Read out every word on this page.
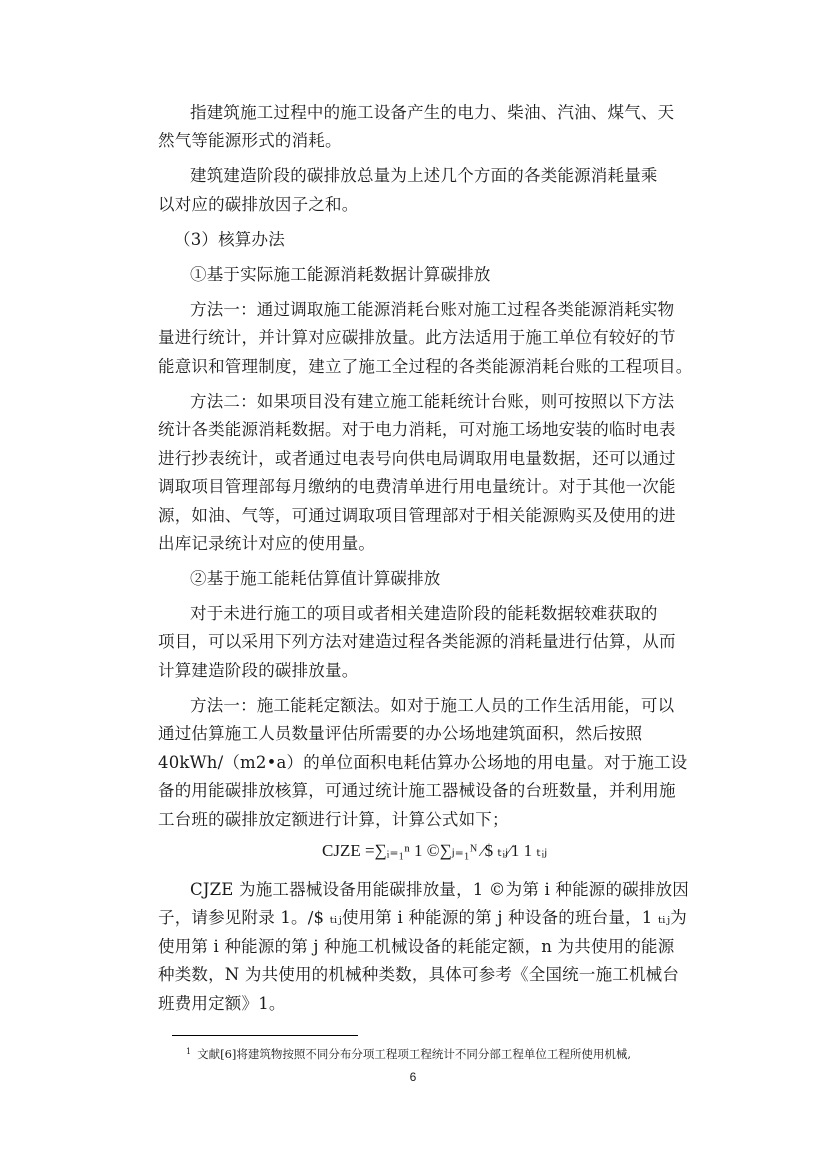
指建筑施工过程中的施工设备产生的电力、柴油、汽油、煤气、天
然气等能源形式的消耗。
建筑建造阶段的碳排放总量为上述几个方面的各类能源消耗量乘
以对应的碳排放因子之和。
（3）核算办法
①基于实际施工能源消耗数据计算碳排放
方法一：通过调取施工能源消耗台账对施工过程各类能源消耗实物
量进行统计，并计算对应碳排放量。此方法适用于施工单位有较好的节
能意识和管理制度，建立了施工全过程的各类能源消耗台账的工程项目。
方法二：如果项目没有建立施工能耗统计台账，则可按照以下方法
统计各类能源消耗数据。对于电力消耗，可对施工场地安装的临时电表
进行抄表统计，或者通过电表号向供电局调取用电量数据，还可以通过
调取项目管理部每月缴纳的电费清单进行用电量统计。对于其他一次能
源，如油、气等，可通过调取项目管理部对于相关能源购买及使用的进
出库记录统计对应的使用量。
②基于施工能耗估算值计算碳排放
对于未进行施工的项目或者相关建造阶段的能耗数据较难获取的
项目，可以采用下列方法对建造过程各类能源的消耗量进行估算，从而
计算建造阶段的碳排放量。
方法一：施工能耗定额法。如对于施工人员的工作生活用能，可以
通过估算施工人员数量评估所需要的办公场地建筑面积，然后按照
40kWh/（m2•a）的单位面积电耗估算办公场地的用电量。对于施工设
备的用能碳排放核算，可通过统计施工器械设备的台班数量，并利用施
工台班的碳排放定额进行计算，计算公式如下；
CJZE =∑ᵢ₌₁ⁿ 1 ©∑ⱼ₌₁ᴺ ∕$ ₜᵢⱼ∕1 1 ₜᵢⱼ
CJZE 为施工器械设备用能碳排放量，1 ©为第 i 种能源的碳排放因
子，请参见附录 1。∕$ ₜᵢⱼ使用第 i 种能源的第 j 种设备的班台量，1 ₜᵢⱼ为
使用第 i 种能源的第 j 种施工机械设备的耗能定额，n 为共使用的能源
种类数，N 为共使用的机械种类数，具体可参考《全国统一施工机械台
班费用定额》1。
$^1$ 文献[6]将建筑物按照不同分布分项工程项工程统计不同分部工程单位工程所使用机械,
6
